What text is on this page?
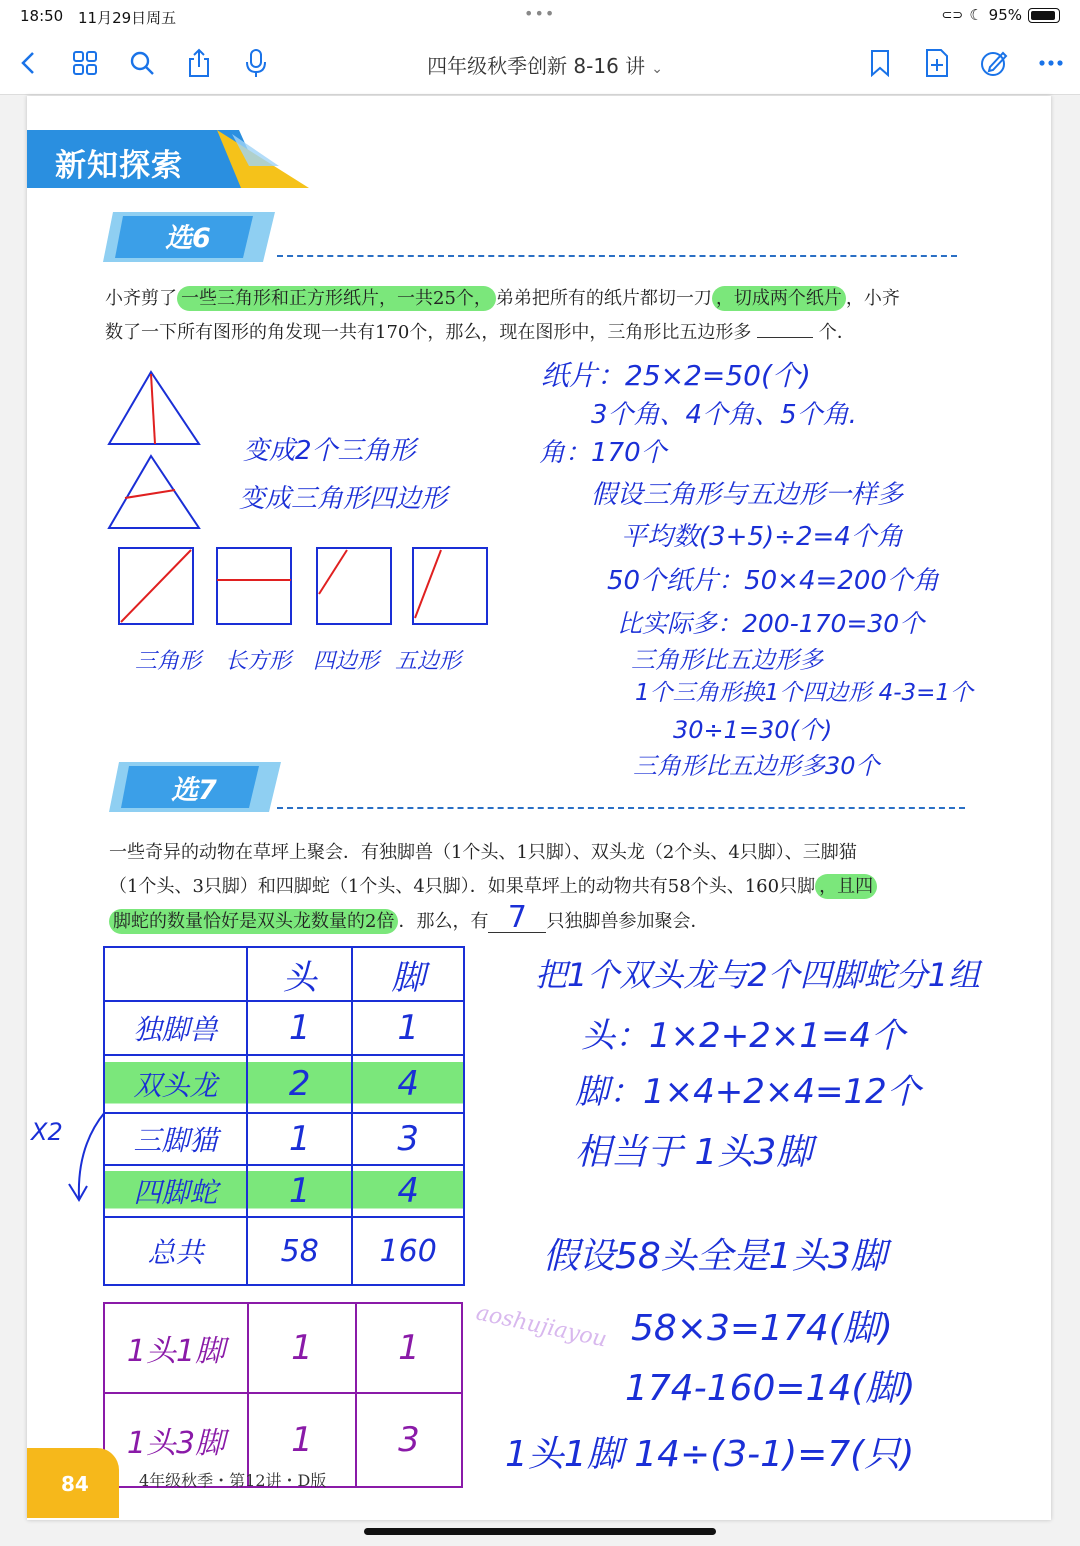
18:50 11月29日周五	•••	⊂⊃ ☾ 95%
四年级秋季创新 8-16 讲 ⌄
新知探索
选6
小齐剪了 一些三角形和正方形纸片，一共25个， 弟弟把所有的纸片都切一刀 ，切成两个纸片 ，小齐
数了一下所有图形的角发现一共有170个，那么，现在图形中，三角形比五边形多	个．
变成2个三角形
变成三角形四边形
三角形 长方形 四边形 五边形
纸片：25×2=50(个)
3个角、4个角、5个角.
角：170个
假设三角形与五边形一样多
平均数(3+5)÷2=4个角
50个纸片：50×4=200个角
比实际多：200-170=30个
三角形比五边形多
1个三角形换1个四边形 4-3=1个
30÷1=30(个)
三角形比五边形多30个
选7
一些奇异的动物在草坪上聚会．有独脚兽（1个头、1只脚）、双头龙（2个头、4只脚）、三脚猫
（1个头、3只脚）和四脚蛇（1个头、4只脚）．如果草坪上的动物共有58个头、160只脚 ，且四
脚蛇的数量恰好是双头龙数量的2倍 ．那么，有 7 只独脚兽参加聚会．
	头	脚
独脚兽	1	1
双头龙	2	4
三脚猫	1	3
四脚蛇	1	4
总共	58	160
X2
1头1脚	1	1
1头3脚	1	3
把1个双头龙与2个四脚蛇分1组
头：1×2+2×1=4个
脚：1×4+2×4=12个
相当于 1头3脚
假设58头全是1头3脚
58×3=174(脚)
174-160=14(脚)
1头1脚 14÷(3-1)=7(只)
aoshujiayou
84	4年级秋季・第12讲・D版
